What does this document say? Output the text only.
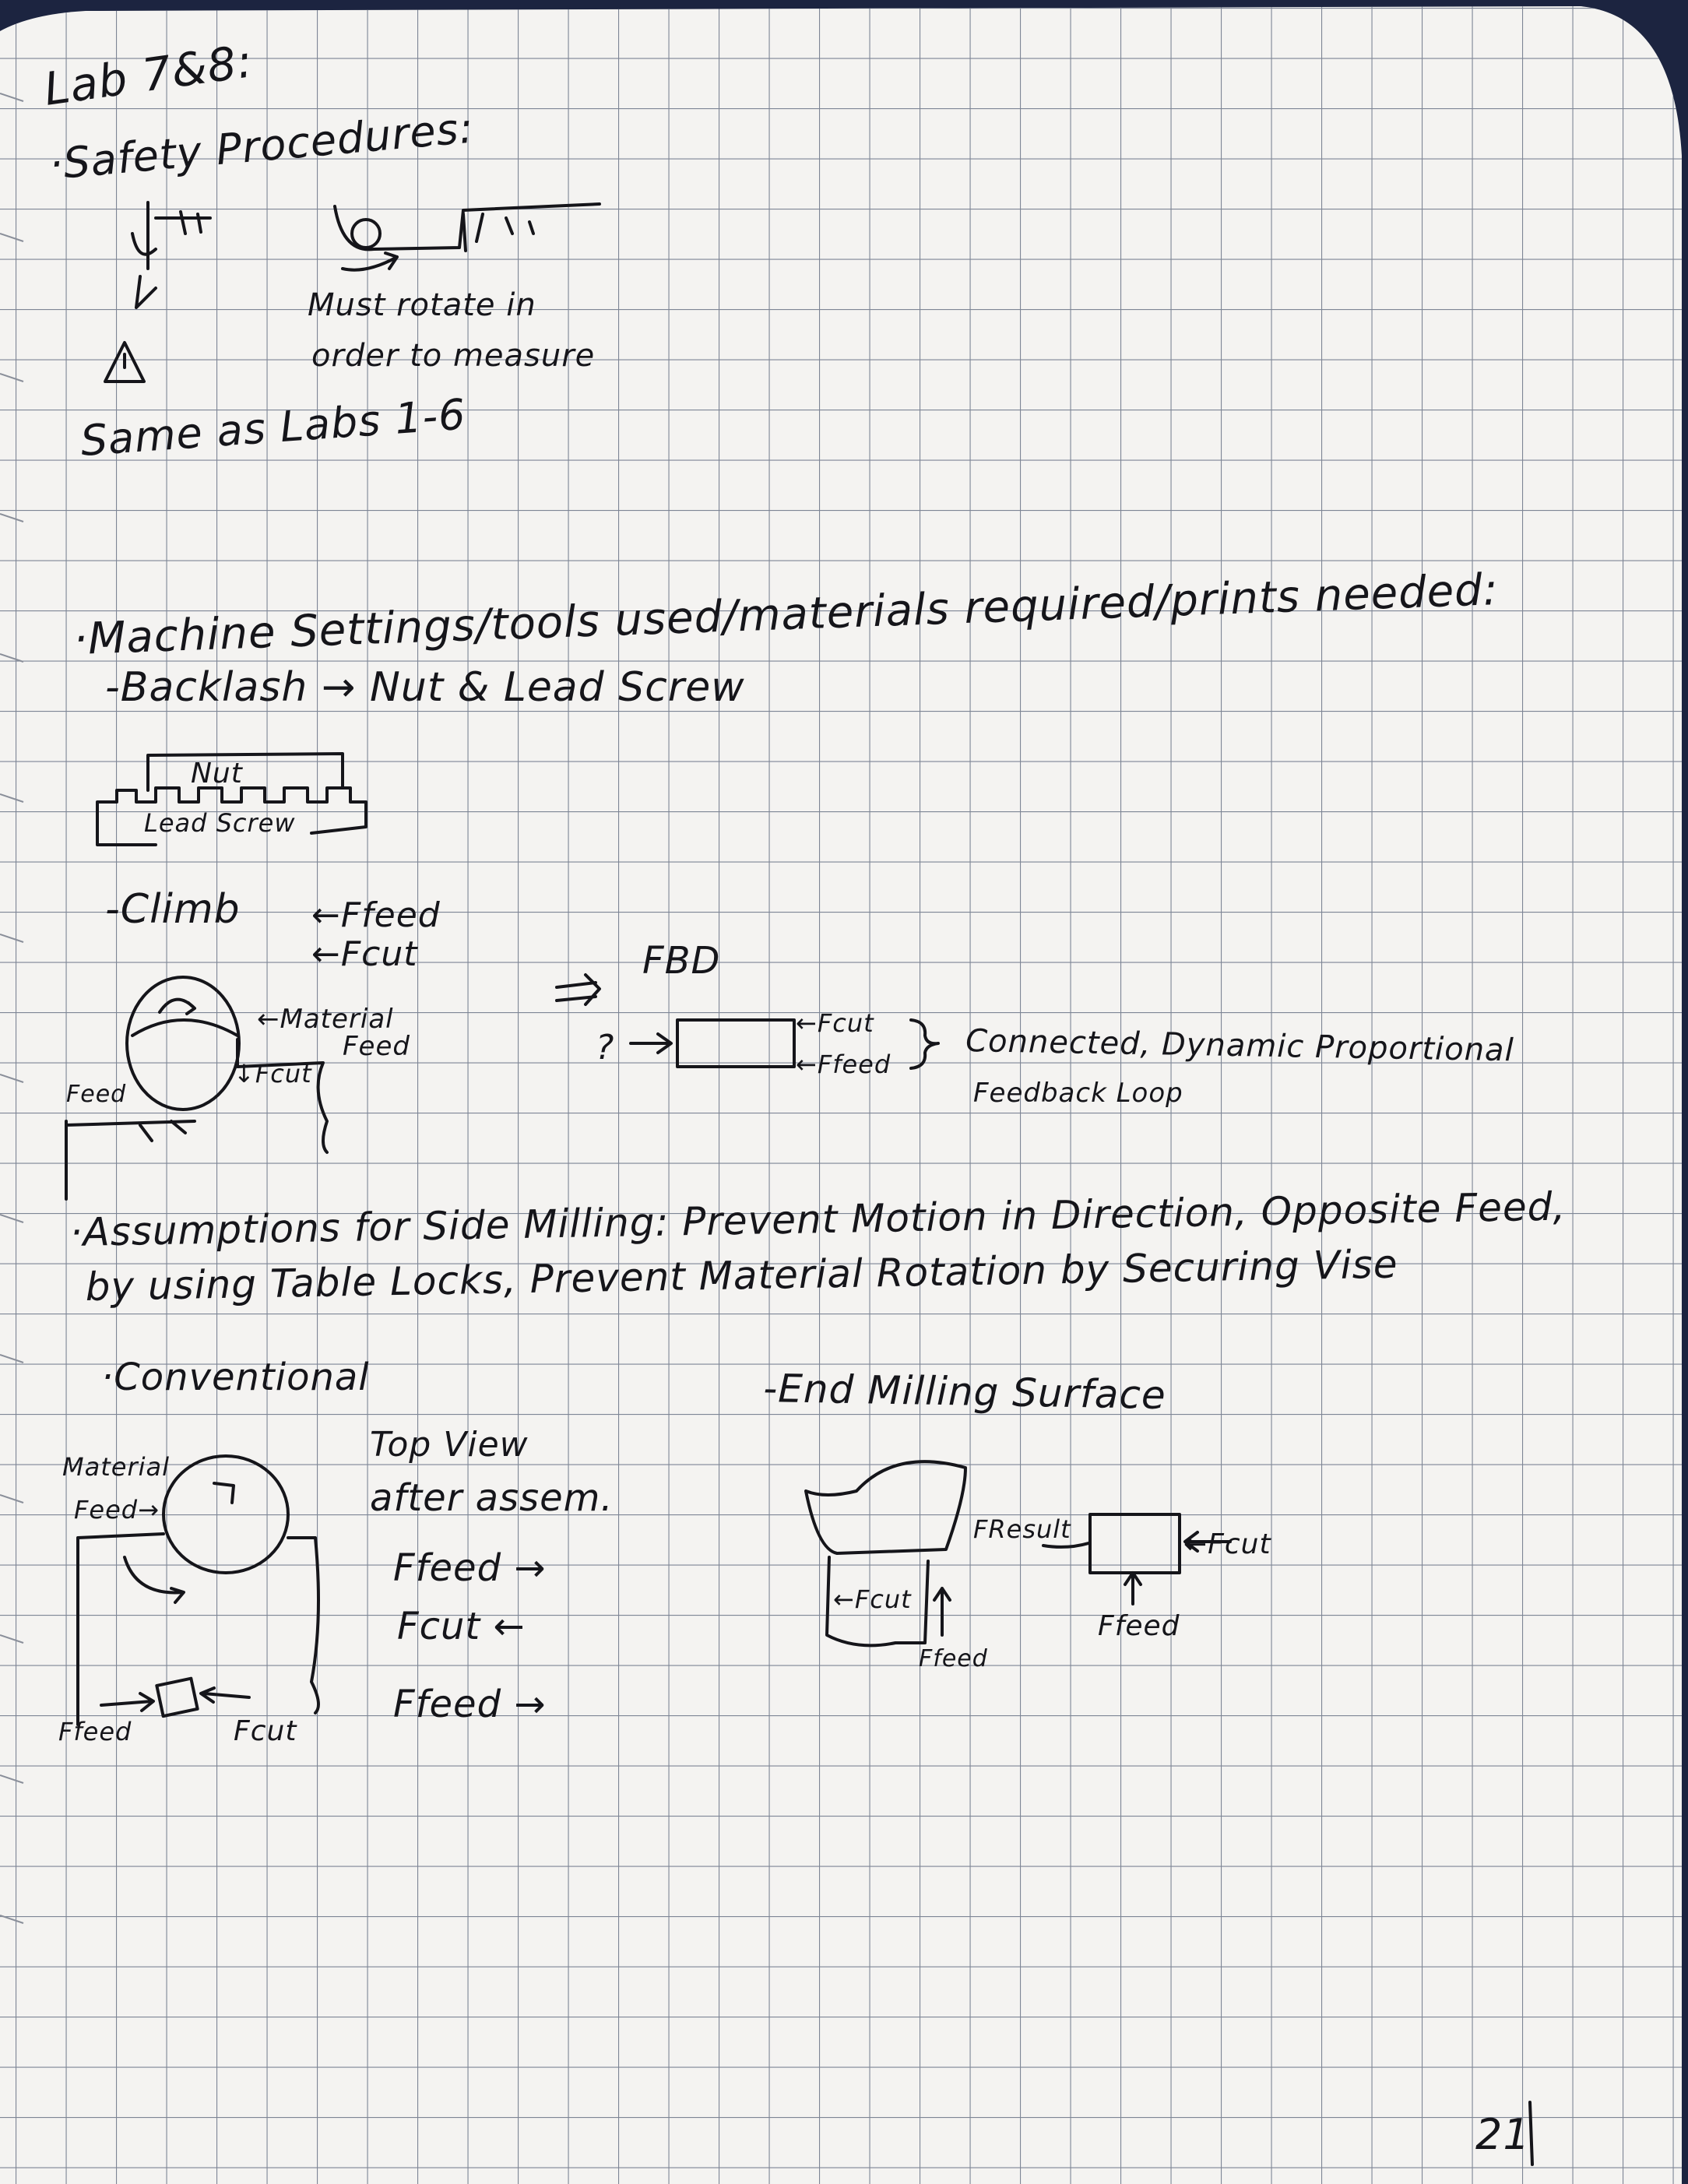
Lab 7&8:
·Safety Procedures:
Must rotate in
order to measure
Same as Labs 1-6
·Machine Settings/tools used/materials required/prints needed:
-Backlash → Nut & Lead Screw
Nut
Lead Screw
-Climb ←Ffeed
←Fcut
←Material
Feed
↓Fcut
Feed
FBD
?
←Fcut
←Ffeed Connected, Dynamic Proportional
Feedback Loop
·Assumptions for Side Milling: Prevent Motion in Direction, Opposite Feed,
by using Table Locks, Prevent Material Rotation by Securing Vise
·Conventional
Material
Feed→
Ffeed	Fcut
Top View
after assem.
Ffeed →
Fcut ←
Ffeed →
-End Milling Surface
FResult	←Fcut
Ffeed
←Fcut
Ffeed
21
